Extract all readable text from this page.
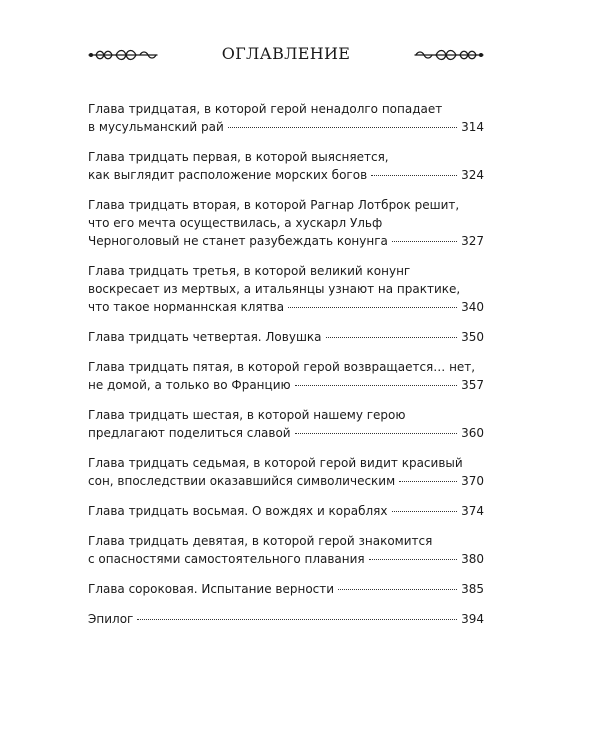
ОГЛАВЛЕНИЕ
Глава тридцатая, в которой герой ненадолго попадает
в мусульманский рай	314
Глава тридцать первая, в которой выясняется,
как выглядит расположение морских богов	324
Глава тридцать вторая, в которой Рагнар Лотброк решит,
что его мечта осуществилась, а хускарл Ульф
Черноголовый не станет разубеждать конунга	327
Глава тридцать третья, в которой великий конунг
воскресает из мертвых, а итальянцы узнают на практике,
что такое норманнская клятва	340
Глава тридцать четвертая. Ловушка	350
Глава тридцать пятая, в которой герой возвращается… нет,
не домой, а только во Францию	357
Глава тридцать шестая, в которой нашему герою
предлагают поделиться славой	360
Глава тридцать седьмая, в которой герой видит красивый
сон, впоследствии оказавшийся символическим	370
Глава тридцать восьмая. О вождях и кораблях	374
Глава тридцать девятая, в которой герой знакомится
с опасностями самостоятельного плавания	380
Глава сороковая. Испытание верности	385
Эпилог	394
